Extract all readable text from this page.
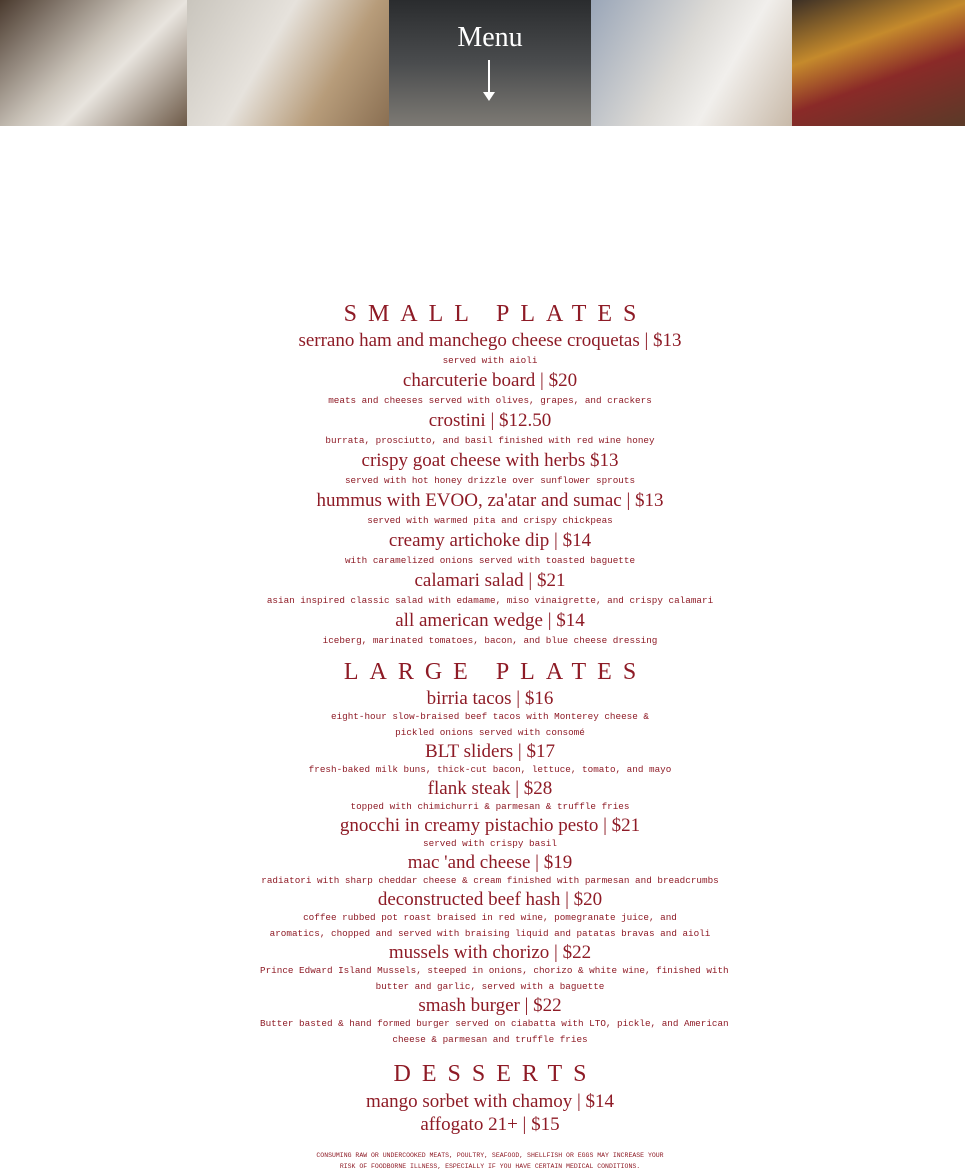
Menu
SMALL PLATES
serrano ham and manchego cheese croquetas | $13
served with aioli
charcuterie board | $20
meats and cheeses served with olives, grapes, and crackers
crostini | $12.50
burrata, prosciutto, and basil finished with red wine honey
crispy goat cheese with herbs $13
served with hot honey drizzle over sunflower sprouts
hummus with EVOO, za'atar and sumac | $13
served with warmed pita and crispy chickpeas
creamy artichoke dip | $14
with caramelized onions served with toasted baguette
calamari salad | $21
asian inspired classic salad with edamame, miso vinaigrette, and crispy calamari
all american wedge | $14
iceberg, marinated tomatoes, bacon, and blue cheese dressing
LARGE PLATES
birria tacos | $16
eight-hour slow-braised beef tacos with Monterey cheese &
pickled onions served with consomé
BLT sliders | $17
fresh-baked milk buns, thick-cut bacon, lettuce, tomato, and mayo
flank steak | $28
topped with chimichurri & parmesan & truffle fries
gnocchi in creamy pistachio pesto | $21
served with crispy basil
mac 'and cheese | $19
radiatori with sharp cheddar cheese & cream finished with parmesan and breadcrumbs
deconstructed beef hash | $20
coffee rubbed pot roast braised in red wine, pomegranate juice, and
aromatics, chopped and served with braising liquid and patatas bravas and aioli
mussels with chorizo | $22
Prince Edward Island Mussels, steeped in onions, chorizo & white wine, finished with
butter and garlic, served with a baguette
smash burger | $22
Butter basted & hand formed burger served on ciabatta with LTO, pickle, and American
cheese & parmesan and truffle fries
DESSERTS
mango sorbet with chamoy | $14
affogato 21+ | $15
CONSUMING RAW OR UNDERCOOKED MEATS, POULTRY, SEAFOOD, SHELLFISH OR EGGS MAY INCREASE YOUR
RISK OF FOODBORNE ILLNESS, ESPECIALLY IF YOU HAVE CERTAIN MEDICAL CONDITIONS.
